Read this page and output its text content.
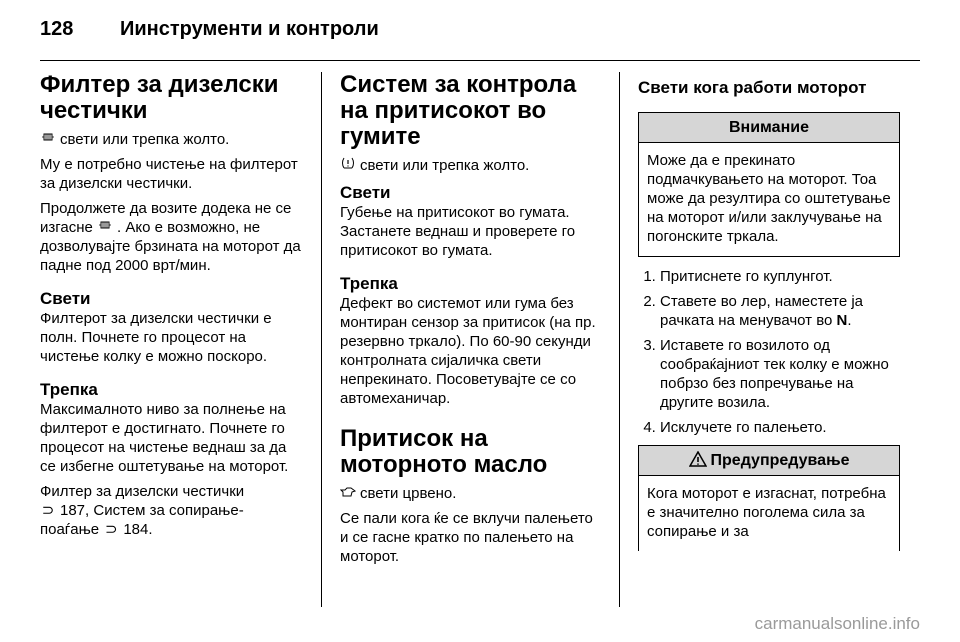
128 Иинструменти и контроли
Филтер за дизелски честички

свети или трепка жолто.

Му е потребно чистење на филтерот за дизелски честички.

Продолжете да возите додека не се изгасне . Ако е возможно, не дозволувајте брзината на моторот да падне под 2000 врт/мин.

Свети

Филтерот за дизелски честички е полн. Почнете го процесот на чистење колку е можно поскоро.

Трепка

Максималното ниво за полнење на филтерот е достигнато. Почнете го процесот на чистење веднаш за да се избегне оштетување на моторот.

Филтер за дизелски честички
⊃ 187, Систем за сопирање-поаѓање ⊃ 184.

Систем за контрола на притисокот во гумите

свети или трепка жолто.

Свети

Губење на притисокот во гумата. Застанете веднаш и проверете го притисокот во гумата.

Трепка

Дефект во системот или гума без монтиран сензор за притисок (на пр. резервно тркало). По 60-90 секунди контролната сијаличка свети непрекинато. Посоветувајте се со автомеханичар.

Притисок на моторното масло

свети црвено.

Се пали кога ќе се вклучи палењето и се гасне кратко по палењето на моторот.

Свети кога работи моторот
Внимание
Може да е прекинато подмачкувањето на моторот. Тоа може да резултира со оштетување на моторот и/или заклучување на погонските тркала.
1. Притиснете го куплунгот.
2. Ставете во лер, наместете ја рачката на менувачот во N.
3. Иставете го возилото од сообраќајниот тек колку е можно побрзо без попречување на другите возила.
4. Исклучете го палењето.
Предупредување
Кога моторот е изгаснат, потребна е значително поголема сила за сопирање и за
carmanualsonline.info
